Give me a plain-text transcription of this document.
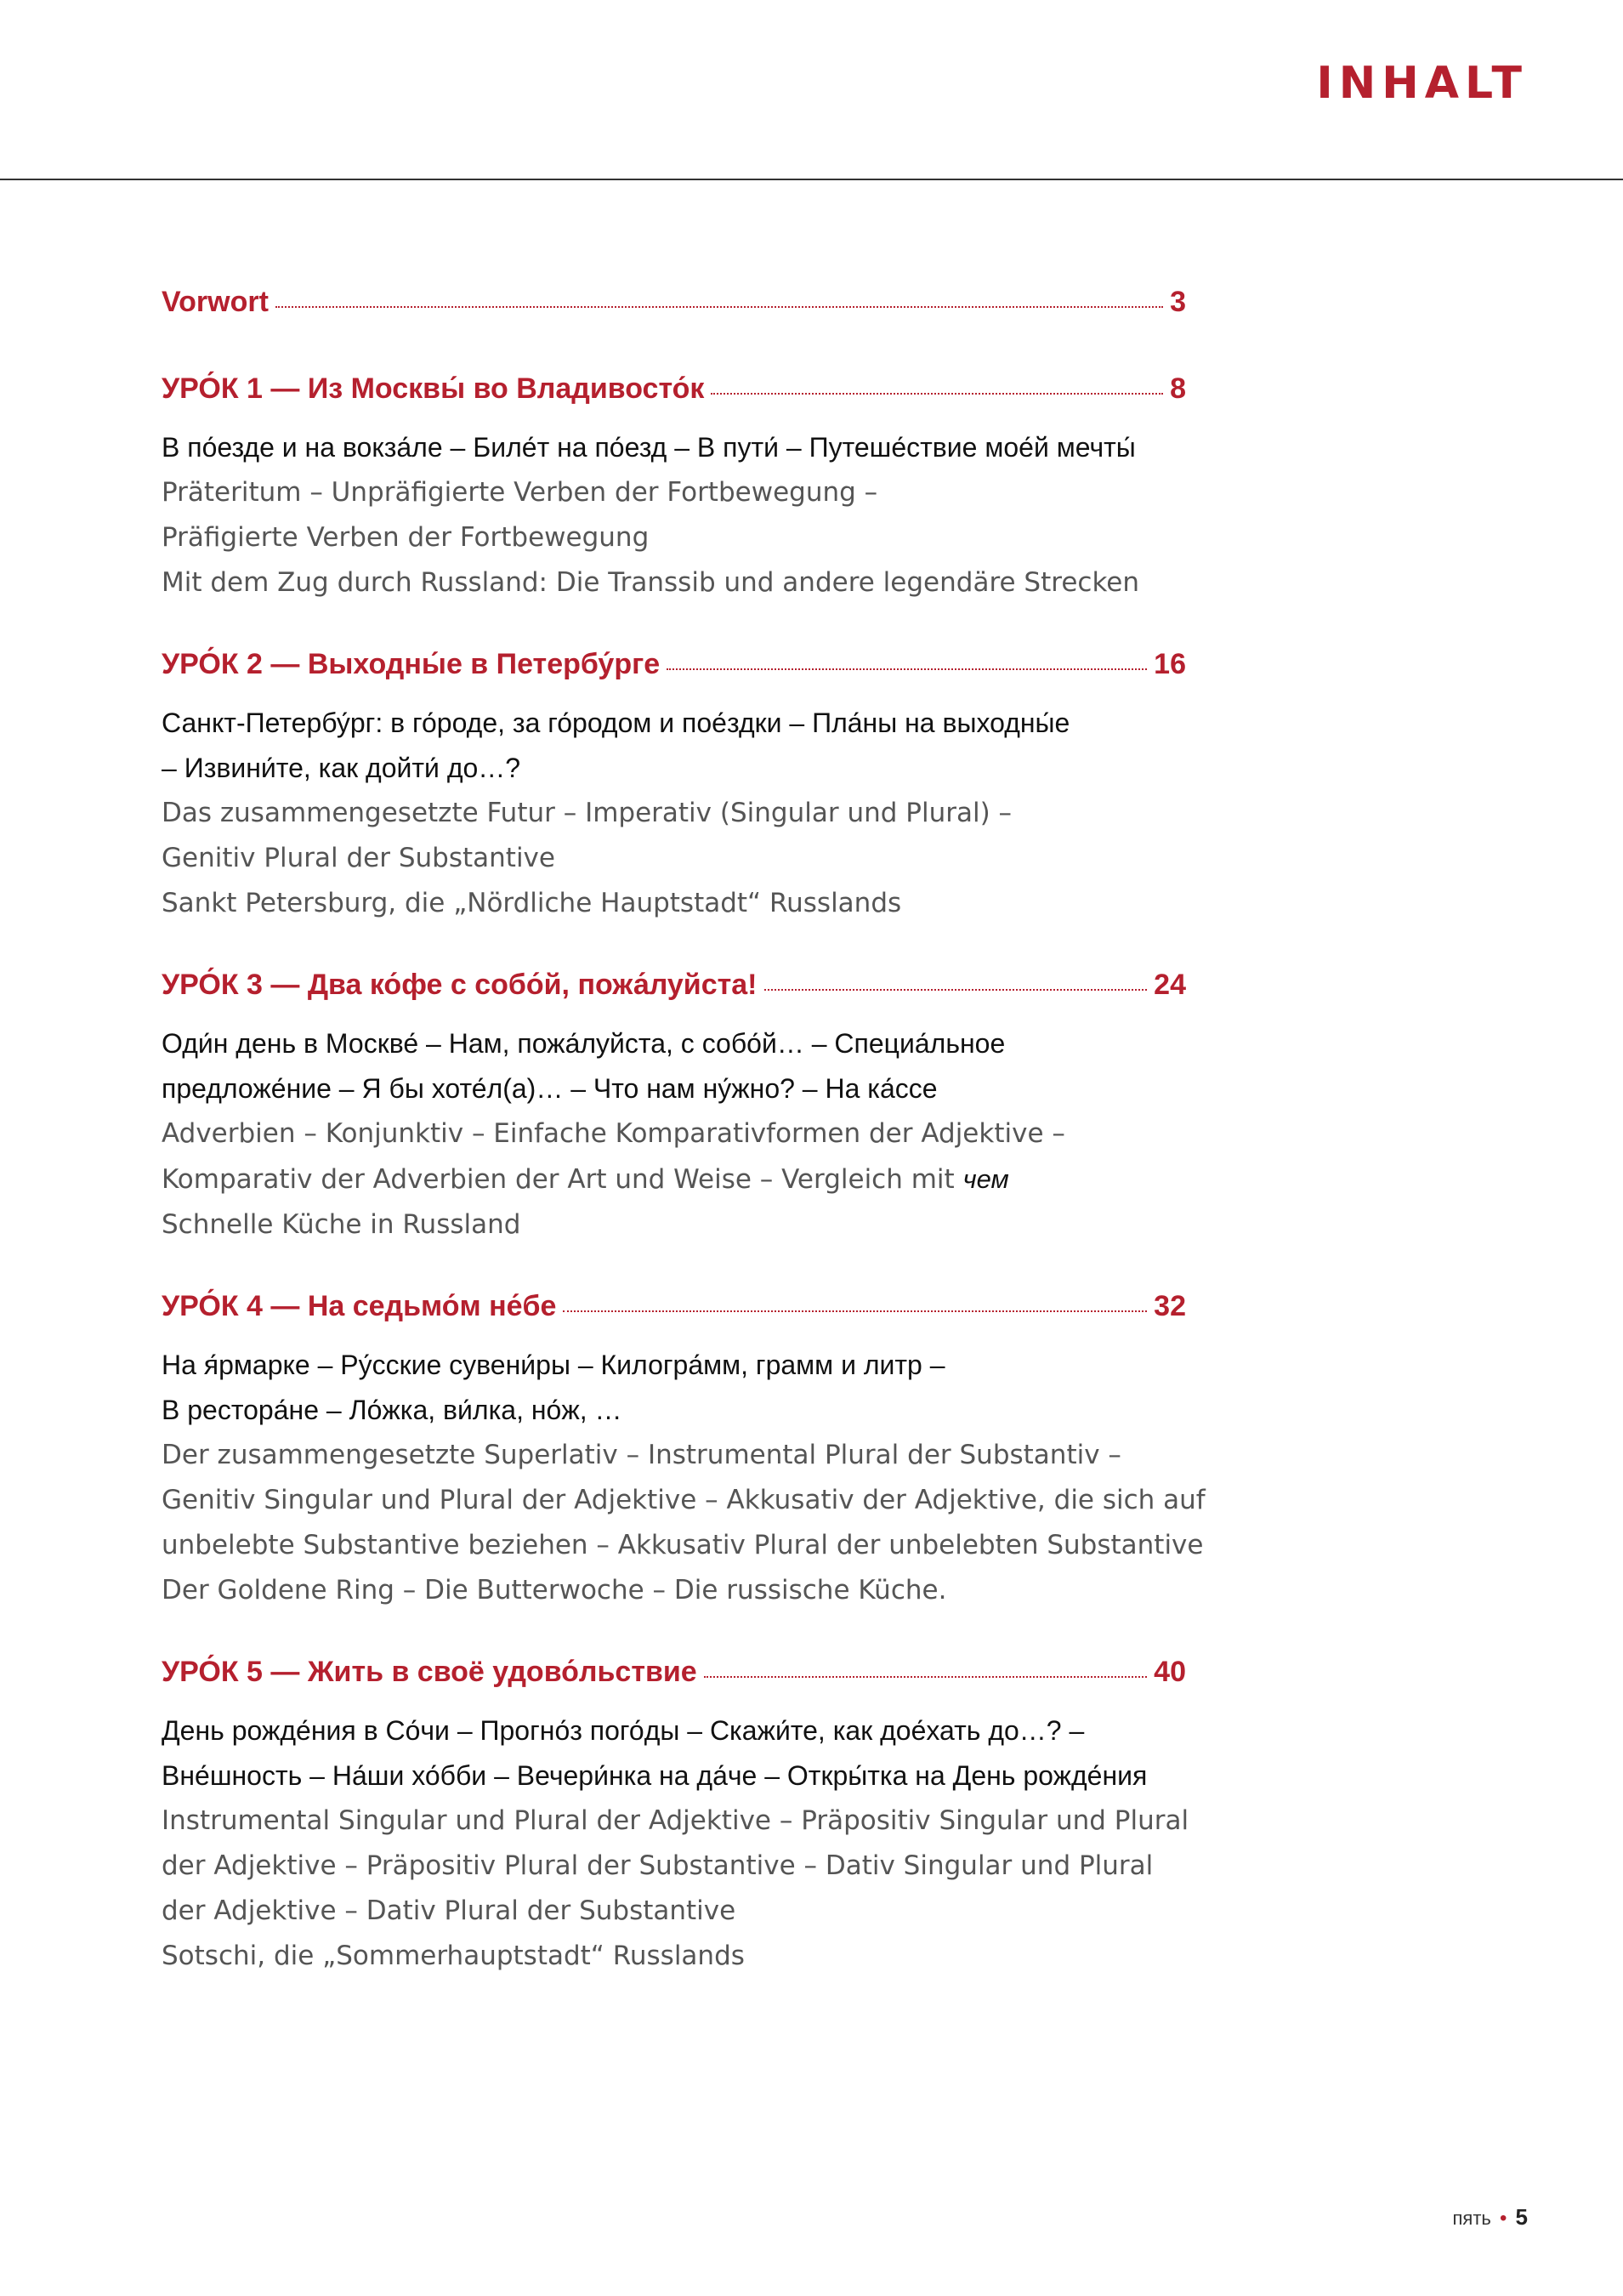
INHALT
Vorwort	3
УРО́К 1 — Из Москвы́ во Владивосто́к	8

В по́езде и на вокза́ле – Биле́т на по́езд – В пути́ – Путеше́ствие мое́й мечты́

Präteritum – Unpräfigierte Verben der Fortbewegung –

Präfigierte Verben der Fortbewegung

Mit dem Zug durch Russland: Die Transsib und andere legendäre Strecken

УРО́К 2 — Выходны́е в Петербу́рге	16

Санкт-Петербу́рг: в го́роде, за го́родом и пое́здки – Пла́ны на выходны́е

– Извини́те, как дойти́ до…?

Das zusammengesetzte Futur – Imperativ (Singular und Plural) –

Genitiv Plural der Substantive

Sankt Petersburg, die „Nördliche Hauptstadt“ Russlands

УРО́К 3 — Два ко́фе с собо́й, пожа́луйста!	24

Оди́н день в Москве́ – Нам, пожа́луйста, с собо́й… – Специа́льное

предложе́ние – Я бы хоте́л(а)… – Что нам ну́жно? – На ка́ссе

Adverbien – Konjunktiv – Einfache Komparativformen der Adjektive –

Komparativ der Adverbien der Art und Weise – Vergleich mit чем

Schnelle Küche in Russland

УРО́К 4 — На седьмо́м не́бе	32

На я́рмарке – Ру́сские сувени́ры – Килогра́мм, грамм и литр –

В рестора́не – Ло́жка, ви́лка, но́ж, …

Der zusammengesetzte Superlativ – Instrumental Plural der Substantiv –

Genitiv Singular und Plural der Adjektive – Akkusativ der Adjektive, die sich auf

unbelebte Substantive beziehen – Akkusativ Plural der unbelebten Substantive

Der Goldene Ring – Die Butterwoche – Die russische Küche.

УРО́К 5 — Жить в своё удово́льствие	40

День рожде́ния в Со́чи – Прогно́з пого́ды – Скажи́те, как дое́хать до…? –

Вне́шность – На́ши хо́бби – Вечери́нка на да́че – Откры́тка на День рожде́ния

Instrumental Singular und Plural der Adjektive – Präpositiv Singular und Plural

der Adjektive – Präpositiv Plural der Substantive – Dativ Singular und Plural

der Adjektive – Dativ Plural der Substantive

Sotschi, die „Sommerhauptstadt“ Russlands

пять • 5
